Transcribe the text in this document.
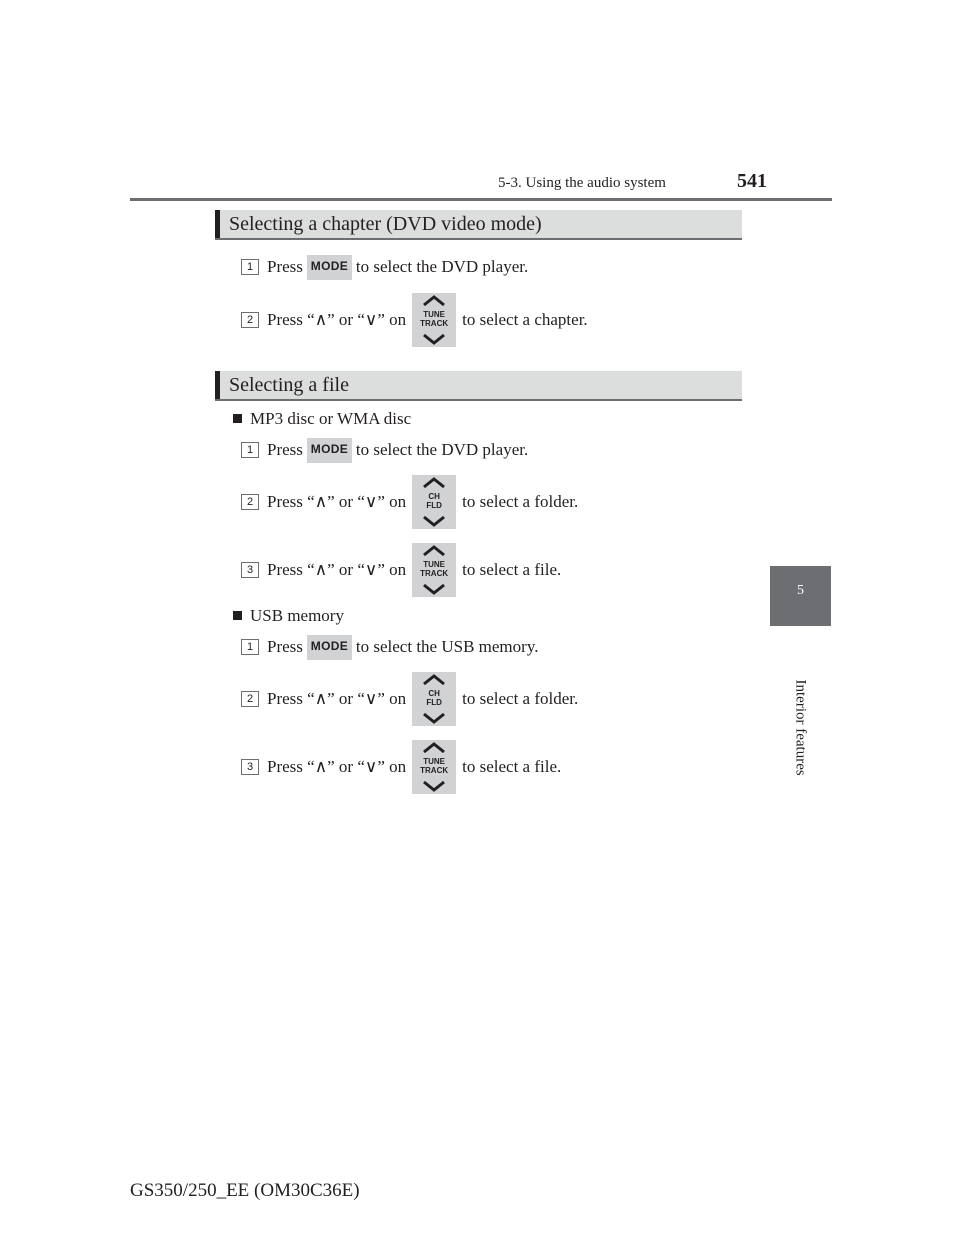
5-3. Using the audio system	541
5
Interior features
Selecting a chapter (DVD video mode)
1 Press MODE to select the DVD player.
2 Press “∧” or “∨” on	TUNE
TRACK to select a chapter.
Selecting a file
MP3 disc or WMA disc
1 Press MODE to select the DVD player.
2 Press “∧” or “∨” on	CH
FLD	to select a folder.
3 Press “∧” or “∨” on	TUNE
TRACK to select a file.
USB memory
1 Press MODE to select the USB memory.
2 Press “∧” or “∨” on	CH
FLD	to select a folder.
3 Press “∧” or “∨” on	TUNE
TRACK to select a file.
GS350/250_EE (OM30C36E)
